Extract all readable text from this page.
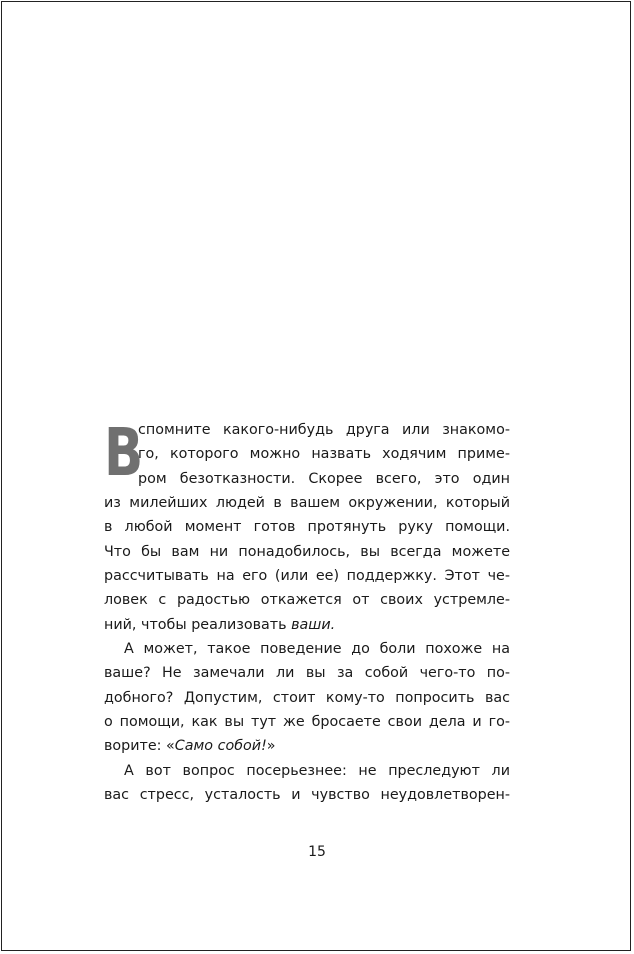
В
спомните какого-нибудь друга или знакомо-
го, которого можно назвать ходячим приме-
ром безотказности. Скорее всего, это один
из милейших людей в вашем окружении, который
в любой момент готов протянуть руку помощи.
Что бы вам ни понадобилось, вы всегда можете
рассчитывать на его (или ее) поддержку. Этот че-
ловек с радостью откажется от своих устремле-
ний, чтобы реализовать ваши.
А может, такое поведение до боли похоже на
ваше? Не замечали ли вы за собой чего-то по-
добного? Допустим, стоит кому-то попросить вас
о помощи, как вы тут же бросаете свои дела и го-
ворите: «Само собой!»
А вот вопрос посерьезнее: не преследуют ли
вас стресс, усталость и чувство неудовлетворен-
15
